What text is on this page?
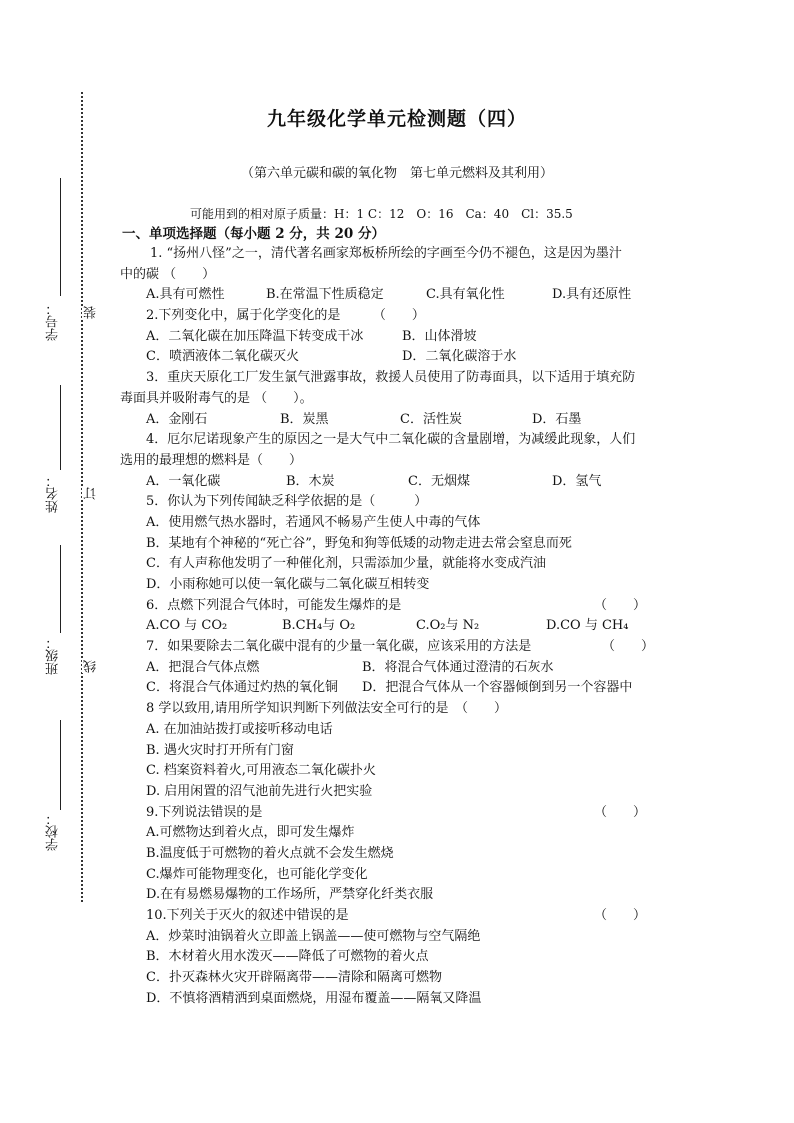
学号：
姓名：
班级：
学校：
装
订
线
九年级化学单元检测题（四）
（第六单元碳和碳的氧化物　第七单元燃料及其利用）
可能用到的相对原子质量：H：1 C：12　O：16　Ca：40　Cl：35.5
一、单项选择题（每小题 2 分，共 20 分）
1. “扬州八怪”之一，清代著名画家郑板桥所绘的字画至今仍不褪色，这是因为墨汁
中的碳 （　　）
A.具有可燃性	B.在常温下性质稳定	C.具有氧化性	D.具有还原性
2.下列变化中，属于化学变化的是　　　（　　）
A．二氧化碳在加压降温下转变成干冰	B．山体滑坡
C．喷洒液体二氧化碳灭火	D．二氧化碳溶于水
3．重庆天原化工厂发生氯气泄露事故，救援人员使用了防毒面具，以下适用于填充防
毒面具并吸附毒气的是 （　　）。
A．金刚石	B．炭黑	C．活性炭	D．石墨
4．厄尔尼诺现象产生的原因之一是大气中二氧化碳的含量剧增，为减缓此现象，人们
选用的最理想的燃料是（　　）
A．一氧化碳	B．木炭	C．无烟煤	D．氢气
5．你认为下列传闻缺乏科学依据的是（　　　）
A．使用燃气热水器时，若通风不畅易产生使人中毒的气体
B．某地有个神秘的“死亡谷”，野兔和狗等低矮的动物走进去常会窒息而死
C．有人声称他发明了一种催化剂，只需添加少量，就能将水变成汽油
D．小雨称她可以使一氧化碳与二氧化碳互相转变
6．点燃下列混合气体时，可能发生爆炸的是	（　　）
A.CO 与 CO₂	B.CH₄与 O₂	C.O₂与 N₂	D.CO 与 CH₄
7．如果要除去二氧化碳中混有的少量一氧化碳，应该采用的方法是	（　　）
A．把混合气体点燃	B．将混合气体通过澄清的石灰水
C．将混合气体通过灼热的氧化铜 D．把混合气体从一个容器倾倒到另一个容器中
8 学以致用,请用所学知识判断下列做法安全可行的是　（　　）
A. 在加油站拨打或接听移动电话
B. 遇火灾时打开所有门窗
C. 档案资料着火,可用液态二氧化碳扑火
D. 启用闲置的沼气池前先进行火把实验
9.下列说法错误的是	（　　）
A.可燃物达到着火点，即可发生爆炸
B.温度低于可燃物的着火点就不会发生燃烧
C.爆炸可能物理变化，也可能化学变化
D.在有易燃易爆物的工作场所，严禁穿化纤类衣服
10.下列关于灭火的叙述中错误的是	（　　）
A．炒菜时油锅着火立即盖上锅盖——使可燃物与空气隔绝
B．木材着火用水泼灭——降低了可燃物的着火点
C．扑灭森林火灾开辟隔离带——清除和隔离可燃物
D．不慎将酒精洒到桌面燃烧，用湿布覆盖——隔氧又降温
